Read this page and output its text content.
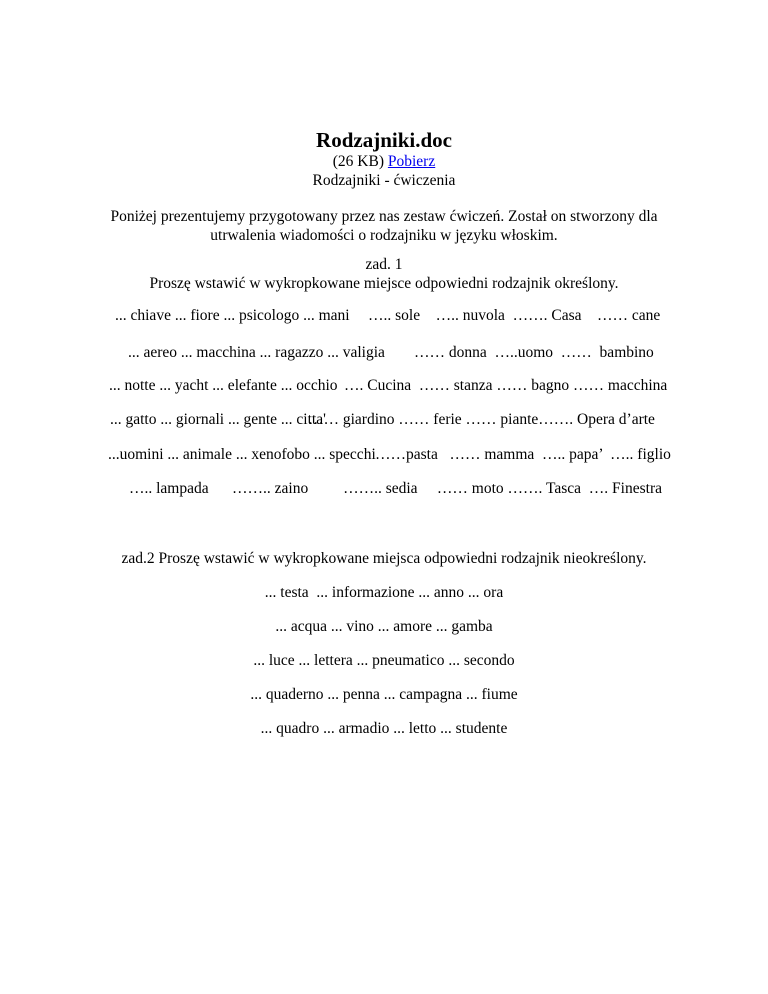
Rodzajniki.doc
(26 KB) Pobierz
Rodzajniki - ćwiczenia
Poniżej prezentujemy przygotowany przez nas zestaw ćwiczeń. Został on stworzony dla utrwalenia wiadomości o rodzajniku w języku włoskim.
zad. 1
Proszę wstawić w wykropkowane miejsce odpowiedni rodzajnik określony.
... chiave ... fiore ... psicologo ... mani ….. sole    ….. nuvola  ……. Casa    …… cane
... aereo ... macchina ... ragazzo ... valigia …… donna  …..uomo  ……  bambino
... notte ... yacht ... elefante ... occhio …. Cucina  …… stanza …… bagno …… macchina
... gatto ... giornali ... gente ... citta'
…… giardino …… ferie …… piante……. Opera d’arte
...uomini ... animale ... xenofobo ... specchi ……pasta   …… mamma  ….. papa’  ….. figlio
….. lampada …….. zaino         …….. sedia     …… moto ……. Tasca  …. Finestra
zad.2 Proszę wstawić w wykropkowane miejsca odpowiedni rodzajnik nieokreślony.
... testa  ... informazione ... anno ... ora
... acqua ... vino ... amore ... gamba
... luce ... lettera ... pneumatico ... secondo
... quaderno ... penna ... campagna ... fiume
... quadro ... armadio ... letto ... studente
